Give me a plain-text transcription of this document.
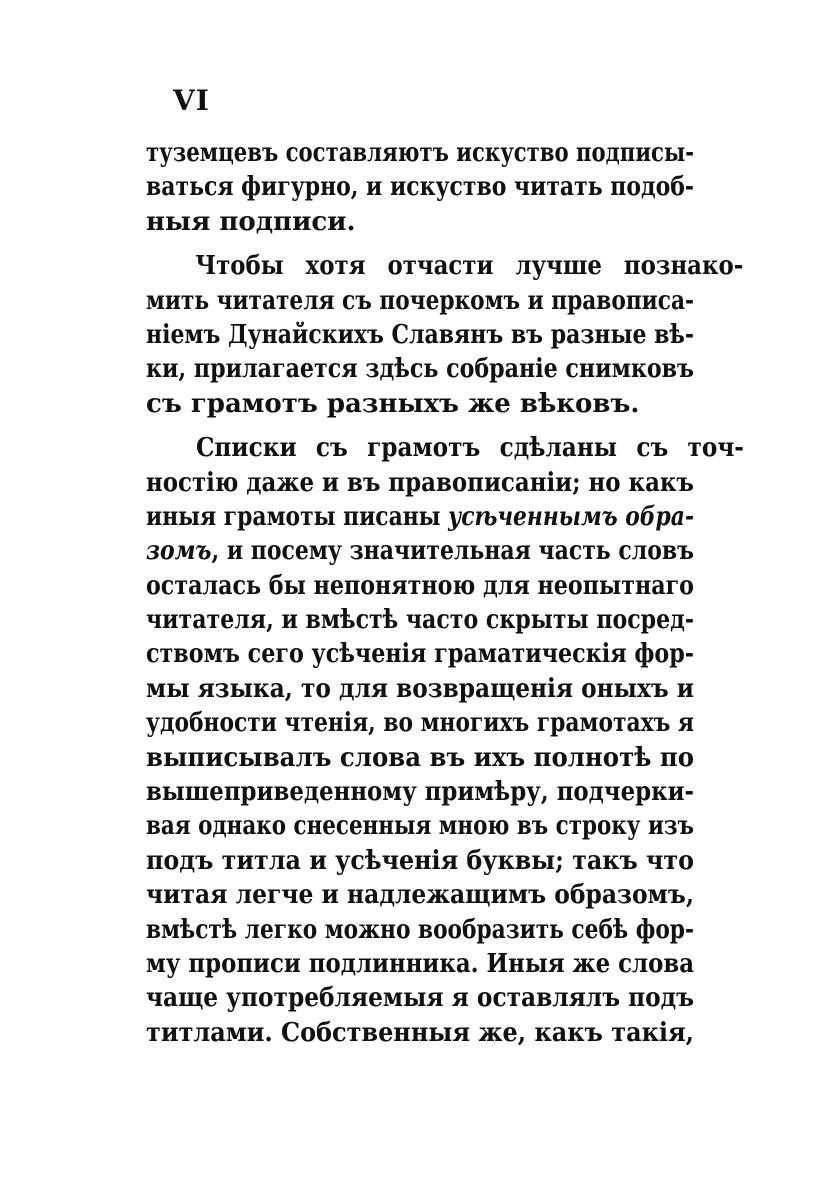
VI
туземцевъ составляютъ искуство подписы-
ваться фигурно, и искуство читать подоб-
ныя подписи.
Чтобы хотя отчасти лучше познако-
мить читателя съ почеркомъ и правописа-
ніемъ Дунайскихъ Славянъ въ разные вѣ-
ки, прилагается здѣсь собраніе снимковъ
съ грамотъ разныхъ же вѣковъ.
Списки съ грамотъ сдѣланы съ точ-
ностію даже и въ правописаніи; но какъ
иныя грамоты писаны усѣченнымъ обра-
зомъ, и посему значительная часть словъ
осталась бы непонятною для неопытнаго
читателя, и вмѣстѣ часто скрыты посред-
ствомъ сего усѣченія граматическія фор-
мы языка, то для возвращенія оныхъ и
удобности чтенія, во многихъ грамотахъ я
выписывалъ слова въ ихъ полнотѣ по
вышеприведенному примѣру, подчерки-
вая однако снесенныя мною въ строку изъ
подъ титла и усѣченія буквы; такъ что
читая легче и надлежащимъ образомъ,
вмѣстѣ легко можно вообразить себѣ фор-
му прописи подлинника. Иныя же слова
чаще употребляемыя я оставлялъ подъ
титлами. Собственныя же, какъ такія,
